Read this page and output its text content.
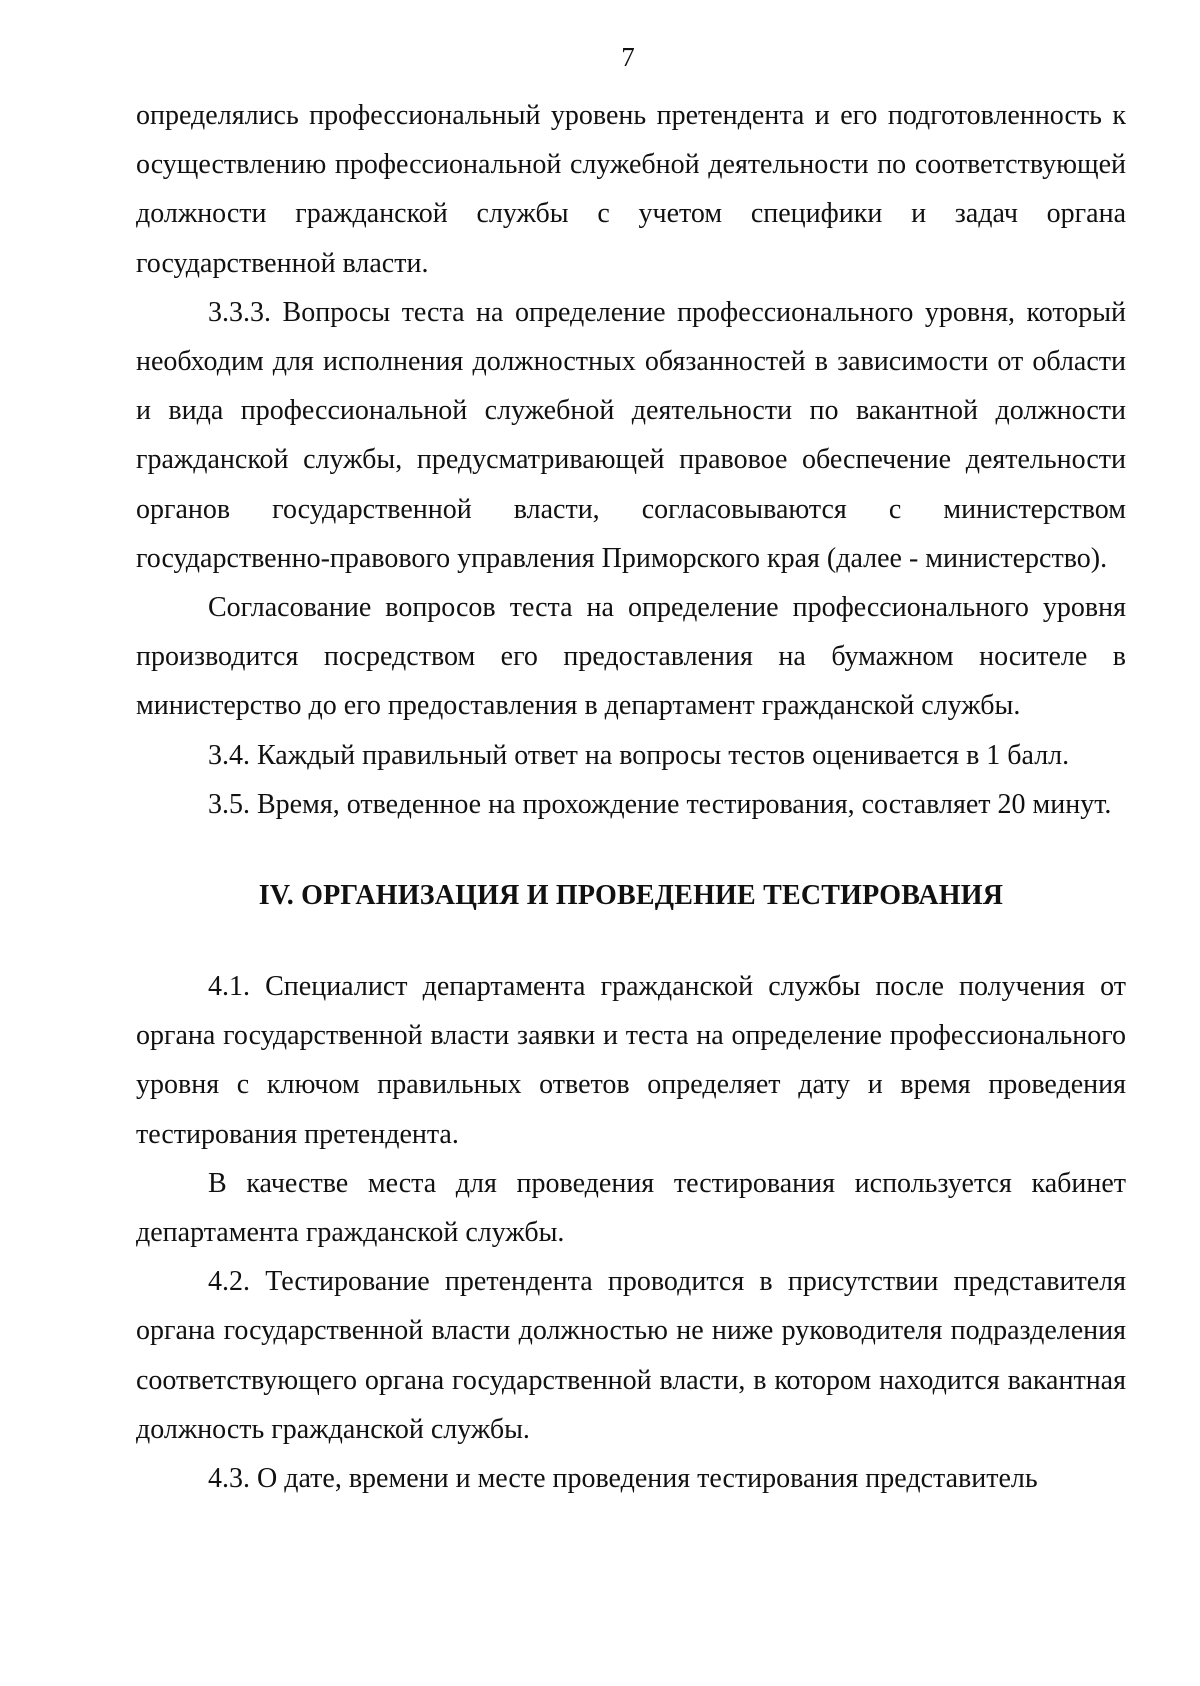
7

определялись профессиональный уровень претендента и его подготовленность к осуществлению профессиональной служебной деятельности по соответствующей должности гражданской службы с учетом специфики и задач органа государственной власти.

3.3.3. Вопросы теста на определение профессионального уровня, который необходим для исполнения должностных обязанностей в зависимости от области и вида профессиональной служебной деятельности по вакантной должности гражданской службы, предусматривающей правовое обеспечение деятельности органов государственной власти, согласовываются с министерством государственно-правового управления Приморского края (далее - министерство).

Согласование вопросов теста на определение профессионального уровня производится посредством его предоставления на бумажном носителе в министерство до его предоставления в департамент гражданской службы.

3.4. Каждый правильный ответ на вопросы тестов оценивается в 1 балл.

3.5. Время, отведенное на прохождение тестирования, составляет 20 минут.

IV. ОРГАНИЗАЦИЯ И ПРОВЕДЕНИЕ ТЕСТИРОВАНИЯ

4.1. Специалист департамента гражданской службы после получения от органа государственной власти заявки и теста на определение профессионального уровня с ключом правильных ответов определяет дату и время проведения тестирования претендента.

В качестве места для проведения тестирования используется кабинет департамента гражданской службы.

4.2. Тестирование претендента проводится в присутствии представителя органа государственной власти должностью не ниже руководителя подразделения соответствующего органа государственной власти, в котором находится вакантная должность гражданской службы.

4.3. О дате, времени и месте проведения тестирования представитель
